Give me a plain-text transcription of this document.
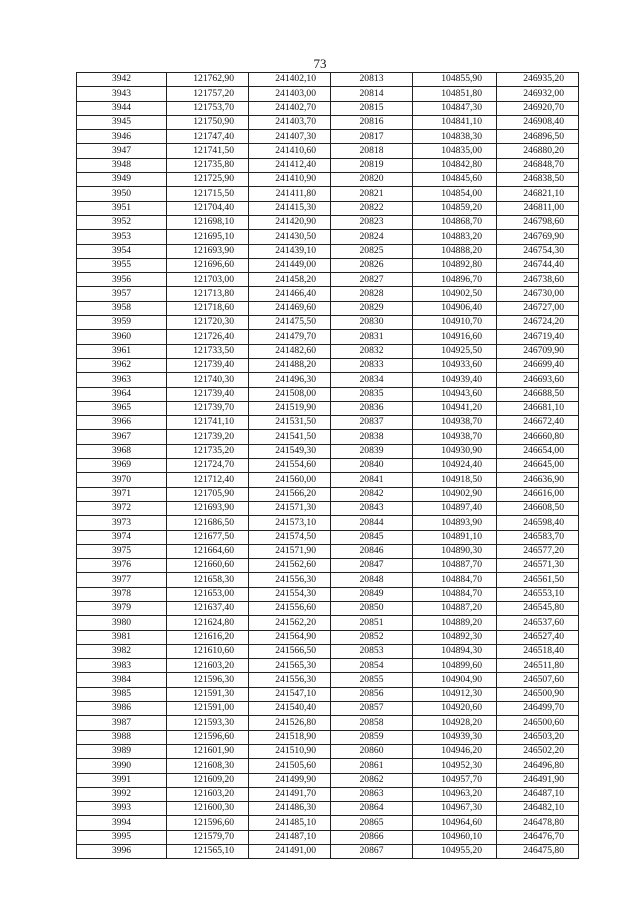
73
3942	121762,90	241402,10	20813	104855,90	246935,20
3943	121757,20	241403,00	20814	104851,80	246932,00
3944	121753,70	241402,70	20815	104847,30	246920,70
3945	121750,90	241403,70	20816	104841,10	246908,40
3946	121747,40	241407,30	20817	104838,30	246896,50
3947	121741,50	241410,60	20818	104835,00	246880,20
3948	121735,80	241412,40	20819	104842,80	246848,70
3949	121725,90	241410,90	20820	104845,60	246838,50
3950	121715,50	241411,80	20821	104854,00	246821,10
3951	121704,40	241415,30	20822	104859,20	246811,00
3952	121698,10	241420,90	20823	104868,70	246798,60
3953	121695,10	241430,50	20824	104883,20	246769,90
3954	121693,90	241439,10	20825	104888,20	246754,30
3955	121696,60	241449,00	20826	104892,80	246744,40
3956	121703,00	241458,20	20827	104896,70	246738,60
3957	121713,80	241466,40	20828	104902,50	246730,00
3958	121718,60	241469,60	20829	104906,40	246727,00
3959	121720,30	241475,50	20830	104910,70	246724,20
3960	121726,40	241479,70	20831	104916,60	246719,40
3961	121733,50	241482,60	20832	104925,50	246709,90
3962	121739,40	241488,20	20833	104933,60	246699,40
3963	121740,30	241496,30	20834	104939,40	246693,60
3964	121739,40	241508,00	20835	104943,60	246688,50
3965	121739,70	241519,90	20836	104941,20	246681,10
3966	121741,10	241531,50	20837	104938,70	246672,40
3967	121739,20	241541,50	20838	104938,70	246660,80
3968	121735,20	241549,30	20839	104930,90	246654,00
3969	121724,70	241554,60	20840	104924,40	246645,00
3970	121712,40	241560,00	20841	104918,50	246636,90
3971	121705,90	241566,20	20842	104902,90	246616,00
3972	121693,90	241571,30	20843	104897,40	246608,50
3973	121686,50	241573,10	20844	104893,90	246598,40
3974	121677,50	241574,50	20845	104891,10	246583,70
3975	121664,60	241571,90	20846	104890,30	246577,20
3976	121660,60	241562,60	20847	104887,70	246571,30
3977	121658,30	241556,30	20848	104884,70	246561,50
3978	121653,00	241554,30	20849	104884,70	246553,10
3979	121637,40	241556,60	20850	104887,20	246545,80
3980	121624,80	241562,20	20851	104889,20	246537,60
3981	121616,20	241564,90	20852	104892,30	246527,40
3982	121610,60	241566,50	20853	104894,30	246518,40
3983	121603,20	241565,30	20854	104899,60	246511,80
3984	121596,30	241556,30	20855	104904,90	246507,60
3985	121591,30	241547,10	20856	104912,30	246500,90
3986	121591,00	241540,40	20857	104920,60	246499,70
3987	121593,30	241526,80	20858	104928,20	246500,60
3988	121596,60	241518,90	20859	104939,30	246503,20
3989	121601,90	241510,90	20860	104946,20	246502,20
3990	121608,30	241505,60	20861	104952,30	246496,80
3991	121609,20	241499,90	20862	104957,70	246491,90
3992	121603,20	241491,70	20863	104963,20	246487,10
3993	121600,30	241486,30	20864	104967,30	246482,10
3994	121596,60	241485,10	20865	104964,60	246478,80
3995	121579,70	241487,10	20866	104960,10	246476,70
3996	121565,10	241491,00	20867	104955,20	246475,80
